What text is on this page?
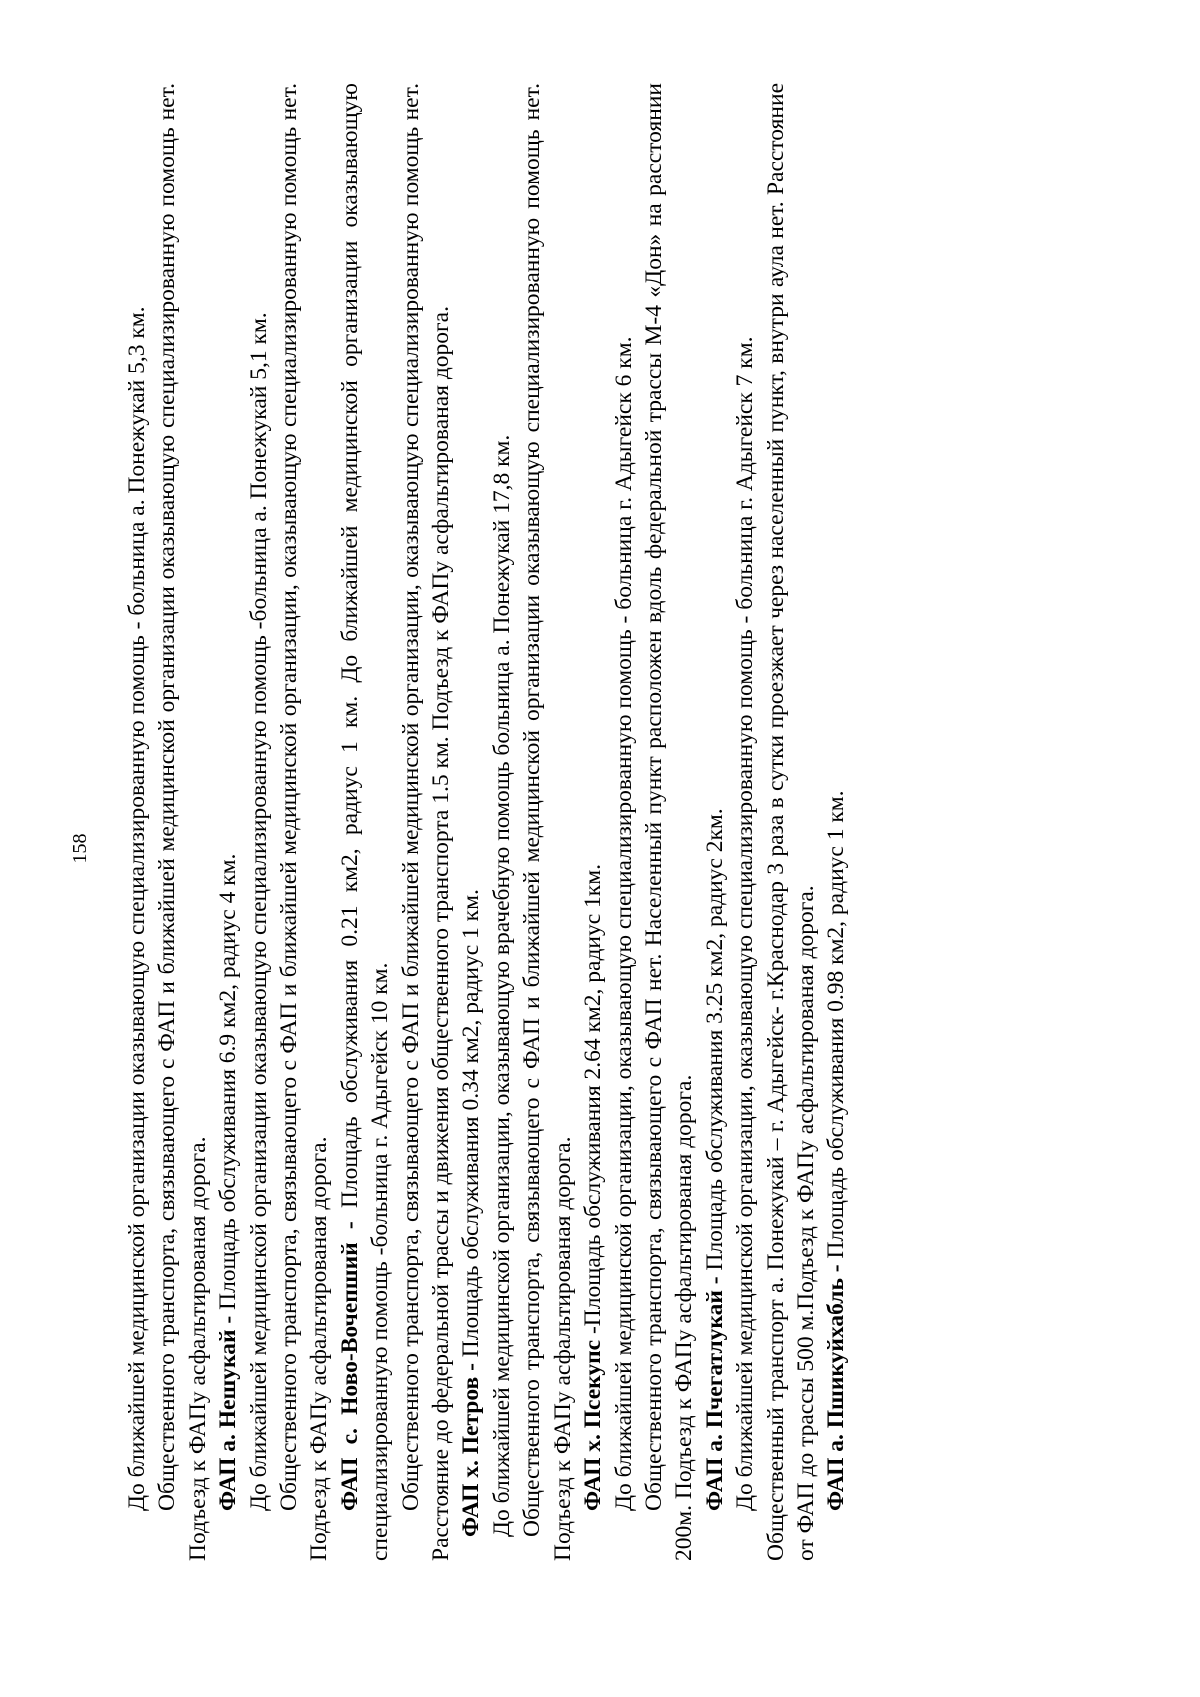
158 До ближайшей медицинской организации оказывающую специализированную помощь - больница а. Понежукай 5,3 км. Общественного транспорта, связывающего с ФАП и ближайшей медицинской организации оказывающую специализированную помощь нет. Подъезд к ФАПу асфальтированая дорога. ФАП а. Нешукай - Площадь обслуживания 6.9 км2, радиус 4 км. До ближайшей медицинской организации оказывающую специализированную помощь -больница а. Понежукай 5,1 км. Общественного транспорта, связывающего с ФАП и ближайшей медицинской организации, оказывающую специализированную помощь нет. Подъезд к ФАПу асфальтированая дорога. ФАП с. Ново-Вочепший - Площадь обслуживания 0.21 км2, радиус 1 км. До ближайшей медицинской организации оказывающую специализированную помощь -больница г. Адыгейск 10 км. Общественного транспорта, связывающего с ФАП и ближайшей медицинской организации, оказывающую специализированную помощь нет. Расстояние до федеральной трассы и движения общественного транспорта 1.5 км. Подъезд к ФАПу асфальтированая дорога. ФАП х. Петров - Площадь обслуживания 0.34 км2, радиус 1 км. До ближайшей медицинской организации, оказывающую врачебную помощь больница а. Понежукай 17,8 км. Общественного транспорта, связывающего с ФАП и ближайшей медицинской организации оказывающую специализированную помощь нет. Подъезд к ФАПу асфальтированая дорога. ФАП х. Псекупс -Площадь обслуживания 2.64 км2, радиус 1км. До ближайшей медицинской организации, оказывающую специализированную помощь - больница г. Адыгейск 6 км. Общественного транспорта, связывающего с ФАП нет. Населенный пункт расположен вдоль федеральной трассы М-4 «Дон» на расстоянии 200м. Подъезд к ФАПу асфальтированая дорога. ФАП а. Пчегатлукай - Площадь обслуживания 3.25 км2, радиус 2км. До ближайшей медицинской организации, оказывающую специализированную помощь - больница г. Адыгейск 7 км. Общественный транспорт а. Понежукай – г. Адыгейск- г.Краснодар 3 раза в сутки проезжает через населенный пункт, внутри аула нет. Расстояние от ФАП до трассы 500 м.Подъезд к ФАПу асфальтированая дорога. ФАП а. Пшикуйхабль - Площадь обслуживания 0.98 км2, радиус 1 км.
